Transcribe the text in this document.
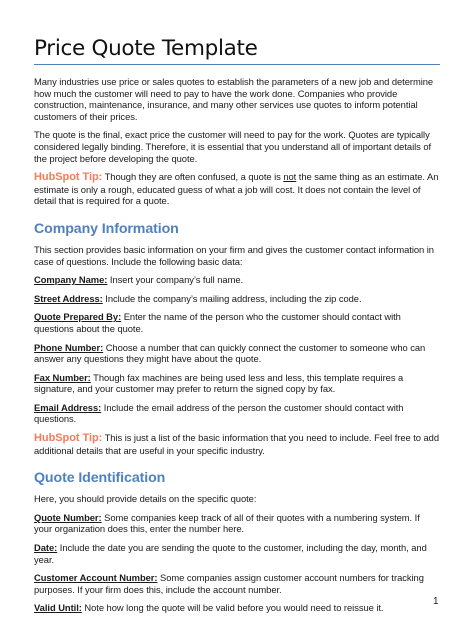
Price Quote Template

Many industries use price or sales quotes to establish the parameters of a new job and determine how much the customer will need to pay to have the work done. Companies who provide construction, maintenance, insurance, and many other services use quotes to inform potential customers of their prices.

The quote is the final, exact price the customer will need to pay for the work. Quotes are typically considered legally binding. Therefore, it is essential that you understand all of important details of the project before developing the quote.

HubSpot Tip: Though they are often confused, a quote is not the same thing as an estimate. An estimate is only a rough, educated guess of what a job will cost. It does not contain the level of detail that is required for a quote.

Company Information

This section provides basic information on your firm and gives the customer contact information in case of questions. Include the following basic data:

Company Name: Insert your company’s full name.

Street Address: Include the company’s mailing address, including the zip code.

Quote Prepared By: Enter the name of the person who the customer should contact with questions about the quote.

Phone Number: Choose a number that can quickly connect the customer to someone who can answer any questions they might have about the quote.

Fax Number: Though fax machines are being used less and less, this template requires a signature, and your customer may prefer to return the signed copy by fax.

Email Address: Include the email address of the person the customer should contact with questions.

HubSpot Tip: This is just a list of the basic information that you need to include. Feel free to add additional details that are useful in your specific industry.

Quote Identification

Here, you should provide details on the specific quote:

Quote Number: Some companies keep track of all of their quotes with a numbering system. If your organization does this, enter the number here.

Date: Include the date you are sending the quote to the customer, including the day, month, and year.

Customer Account Number: Some companies assign customer account numbers for tracking purposes. If your firm does this, include the account number.

Valid Until: Note how long the quote will be valid before you would need to reissue it.

1
